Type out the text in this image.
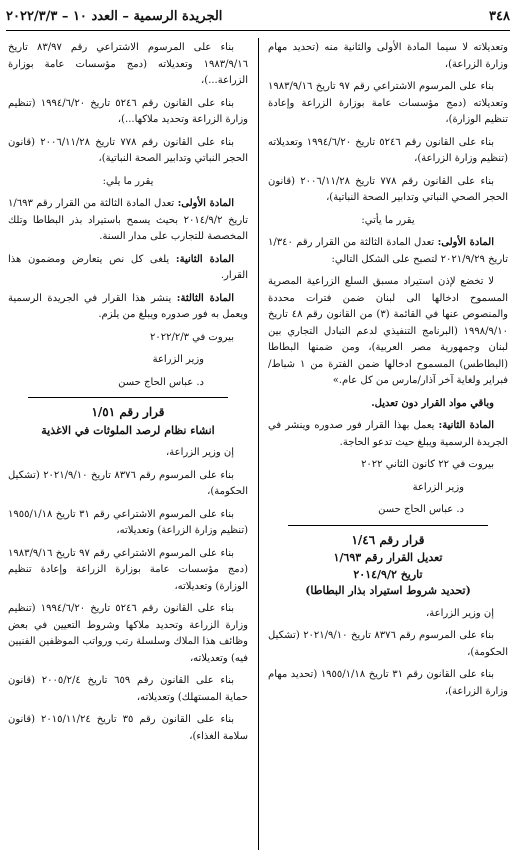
٣٤٨
الجريدة الرسمية – العدد ١٠ – ٢٠٢٢/٣/٣

وتعديلاته لا سيما المادة الأولى والثانية منه (تحديد مهام وزارة الزراعة)،

بناء على المرسوم الاشتراعي رقم ٩٧ تاريخ ١٩٨٣/٩/١٦ وتعديلاته (دمج مؤسسات عامة بوزارة الزراعة وإعادة تنظيم الوزارة)،

بناء على القانون رقم ٥٢٤٦ تاريخ ١٩٩٤/٦/٢٠ وتعديلاته (تنظيم وزارة الزراعة)،

بناء على القانون رقم ٧٧٨ تاريخ ٢٠٠٦/١١/٢٨ (قانون الحجر الصحي النباتي وتدابير الصحة النباتية)،

يقرر ما يأتي:

المادة الأولى: تعدل المادة الثالثة من القرار رقم ١/٣٤٠ تاريخ ٢٠٢١/٩/٢٩ لتصبح على الشكل التالي:

لا تخضع لإذن استيراد مسبق السلع الزراعية المصرية المسموح ادخالها الى لبنان ضمن فترات محددة والمنصوص عنها في القائمة (٣) من القانون رقم ٤٨ تاريخ ١٩٩٨/٩/١٠ (البرنامج التنفيذي لدعم التبادل التجاري بين لبنان وجمهورية مصر العربية)، ومن ضمنها البطاطا (البطاطس) المسموح ادخالها ضمن الفترة من ١ شباط/ فبراير ولغاية آخر آذار/مارس من كل عام.»

وباقي مواد القرار دون تعديل.

المادة الثانية: يعمل بهذا القرار فور صدوره وينشر في الجريدة الرسمية ويبلغ حيث تدعو الحاجة.

بيروت في ٢٢ كانون الثاني ٢٠٢٢

وزير الزراعة

د. عباس الحاج حسن

قرار رقم ١/٤٦
تعديل القرار رقم ١/٦٩٣
تاريخ ٢٠١٤/٩/٢
(تحديد شروط استيراد بذار البطاطا)

إن وزير الزراعة،

بناء على المرسوم رقم ٨٣٧٦ تاريخ ٢٠٢١/٩/١٠ (تشكيل الحكومة)،

بناء على القانون رقم ٣١ تاريخ ١٩٥٥/١/١٨ (تحديد مهام وزارة الزراعة)،

بناء على المرسوم الاشتراعي رقم ٨٣/٩٧ تاريخ ١٩٨٣/٩/١٦ وتعديلاته (دمج مؤسسات عامة بوزارة الزراعة...)،

بناء على القانون رقم ٥٢٤٦ تاريخ ١٩٩٤/٦/٢٠ (تنظيم وزارة الزراعة وتحديد ملاكها...)،

بناء على القانون رقم ٧٧٨ تاريخ ٢٠٠٦/١١/٢٨ (قانون الحجر النباتي وتدابير الصحة النباتية)،

يقرر ما يلي:

المادة الأولى: تعدل المادة الثالثة من القرار رقم ١/٦٩٣ تاريخ ٢٠١٤/٩/٢ بحيث يسمح باستيراد بذر البطاطا وتلك المخصصة للتجارب على مدار السنة.

المادة الثانية: يلغى كل نص يتعارض ومضمون هذا القرار.

المادة الثالثة: ينشر هذا القرار في الجريدة الرسمية ويعمل به فور صدوره ويبلغ من يلزم.

بيروت في ٢٠٢٢/٢/٣

وزير الزراعة

د. عباس الحاج حسن

قرار رقم ١/٥١
انشاء نظام لرصد الملوثات في الاغذية

إن وزير الزراعة،

بناء على المرسوم رقم ٨٣٧٦ تاريخ ٢٠٢١/٩/١٠ (تشكيل الحكومة)،

بناء على المرسوم الاشتراعي رقم ٣١ تاريخ ١٩٥٥/١/١٨ (تنظيم وزارة الزراعة) وتعديلاته،

بناء على المرسوم الاشتراعي رقم ٩٧ تاريخ ١٩٨٣/٩/١٦ (دمج مؤسسات عامة بوزارة الزراعة وإعادة تنظيم الوزارة) وتعديلاته،

بناء على القانون رقم ٥٢٤٦ تاريخ ١٩٩٤/٦/٢٠ (تنظيم وزارة الزراعة وتحديد ملاكها وشروط التعيين في بعض وظائف هذا الملاك وسلسلة رتب ورواتب الموظفين الفنيين فيه) وتعديلاته،

بناء على القانون رقم ٦٥٩ تاريخ ٢٠٠٥/٢/٤ (قانون حماية المستهلك) وتعديلاته،

بناء على القانون رقم ٣٥ تاريخ ٢٠١٥/١١/٢٤ (قانون سلامة الغذاء)،
